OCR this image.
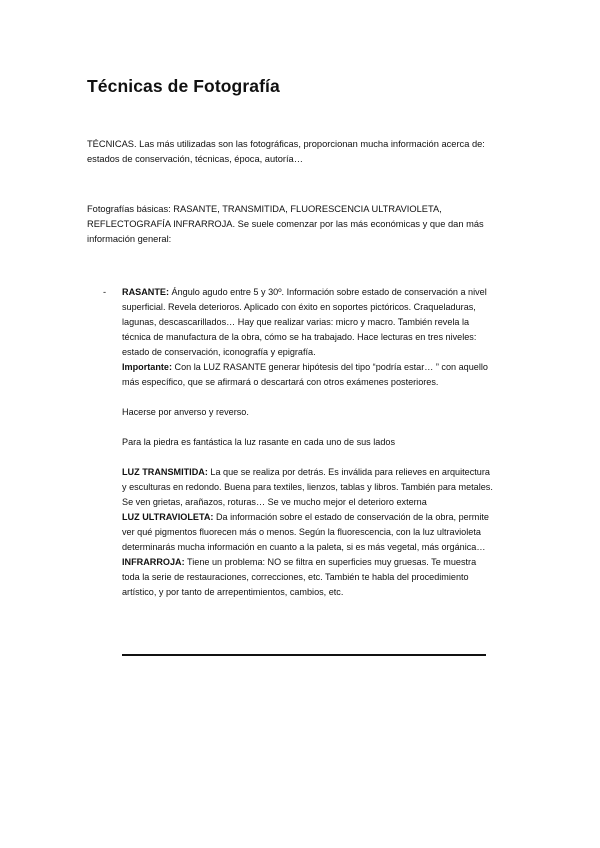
Técnicas de Fotografía

TÉCNICAS. Las más utilizadas son las fotográficas, proporcionan mucha información acerca de: estados de conservación, técnicas, época, autoría…

Fotografías básicas: RASANTE, TRANSMITIDA, FLUORESCENCIA ULTRAVIOLETA, REFLECTOGRAFÍA INFRARROJA. Se suele comenzar por las más económicas y que dan más información general:

- RASANTE: Ángulo agudo entre 5 y 30º. Información sobre estado de conservación a nivel superficial. Revela deterioros. Aplicado con éxito en soportes pictóricos. Craqueladuras, lagunas, descascarillados… Hay que realizar varias: micro y macro. También revela la técnica de manufactura de la obra, cómo se ha trabajado. Hace lecturas en tres niveles: estado de conservación, iconografía y epigrafía.

Importante: Con la LUZ RASANTE generar hipótesis del tipo “podría estar… ” con aquello más específico, que se afirmará o descartará con otros exámenes posteriores.

Hacerse por anverso y reverso.

Para la piedra es fantástica la luz rasante en cada uno de sus lados

LUZ TRANSMITIDA: La que se realiza por detrás. Es inválida para relieves en arquitectura y esculturas en redondo. Buena para textiles, lienzos, tablas y libros. También para metales. Se ven grietas, arañazos, roturas… Se ve mucho mejor el deterioro externa

LUZ ULTRAVIOLETA: Da información sobre el estado de conservación de la obra, permite ver qué pigmentos fluorecen más o menos. Según la fluorescencia, con la luz ultravioleta determinarás mucha información en cuanto a la paleta, si es más vegetal, más orgánica…

INFRARROJA: Tiene un problema: NO se filtra en superficies muy gruesas. Te muestra toda la serie de restauraciones, correcciones, etc. También te habla del procedimiento artístico, y por tanto de arrepentimientos, cambios, etc.
